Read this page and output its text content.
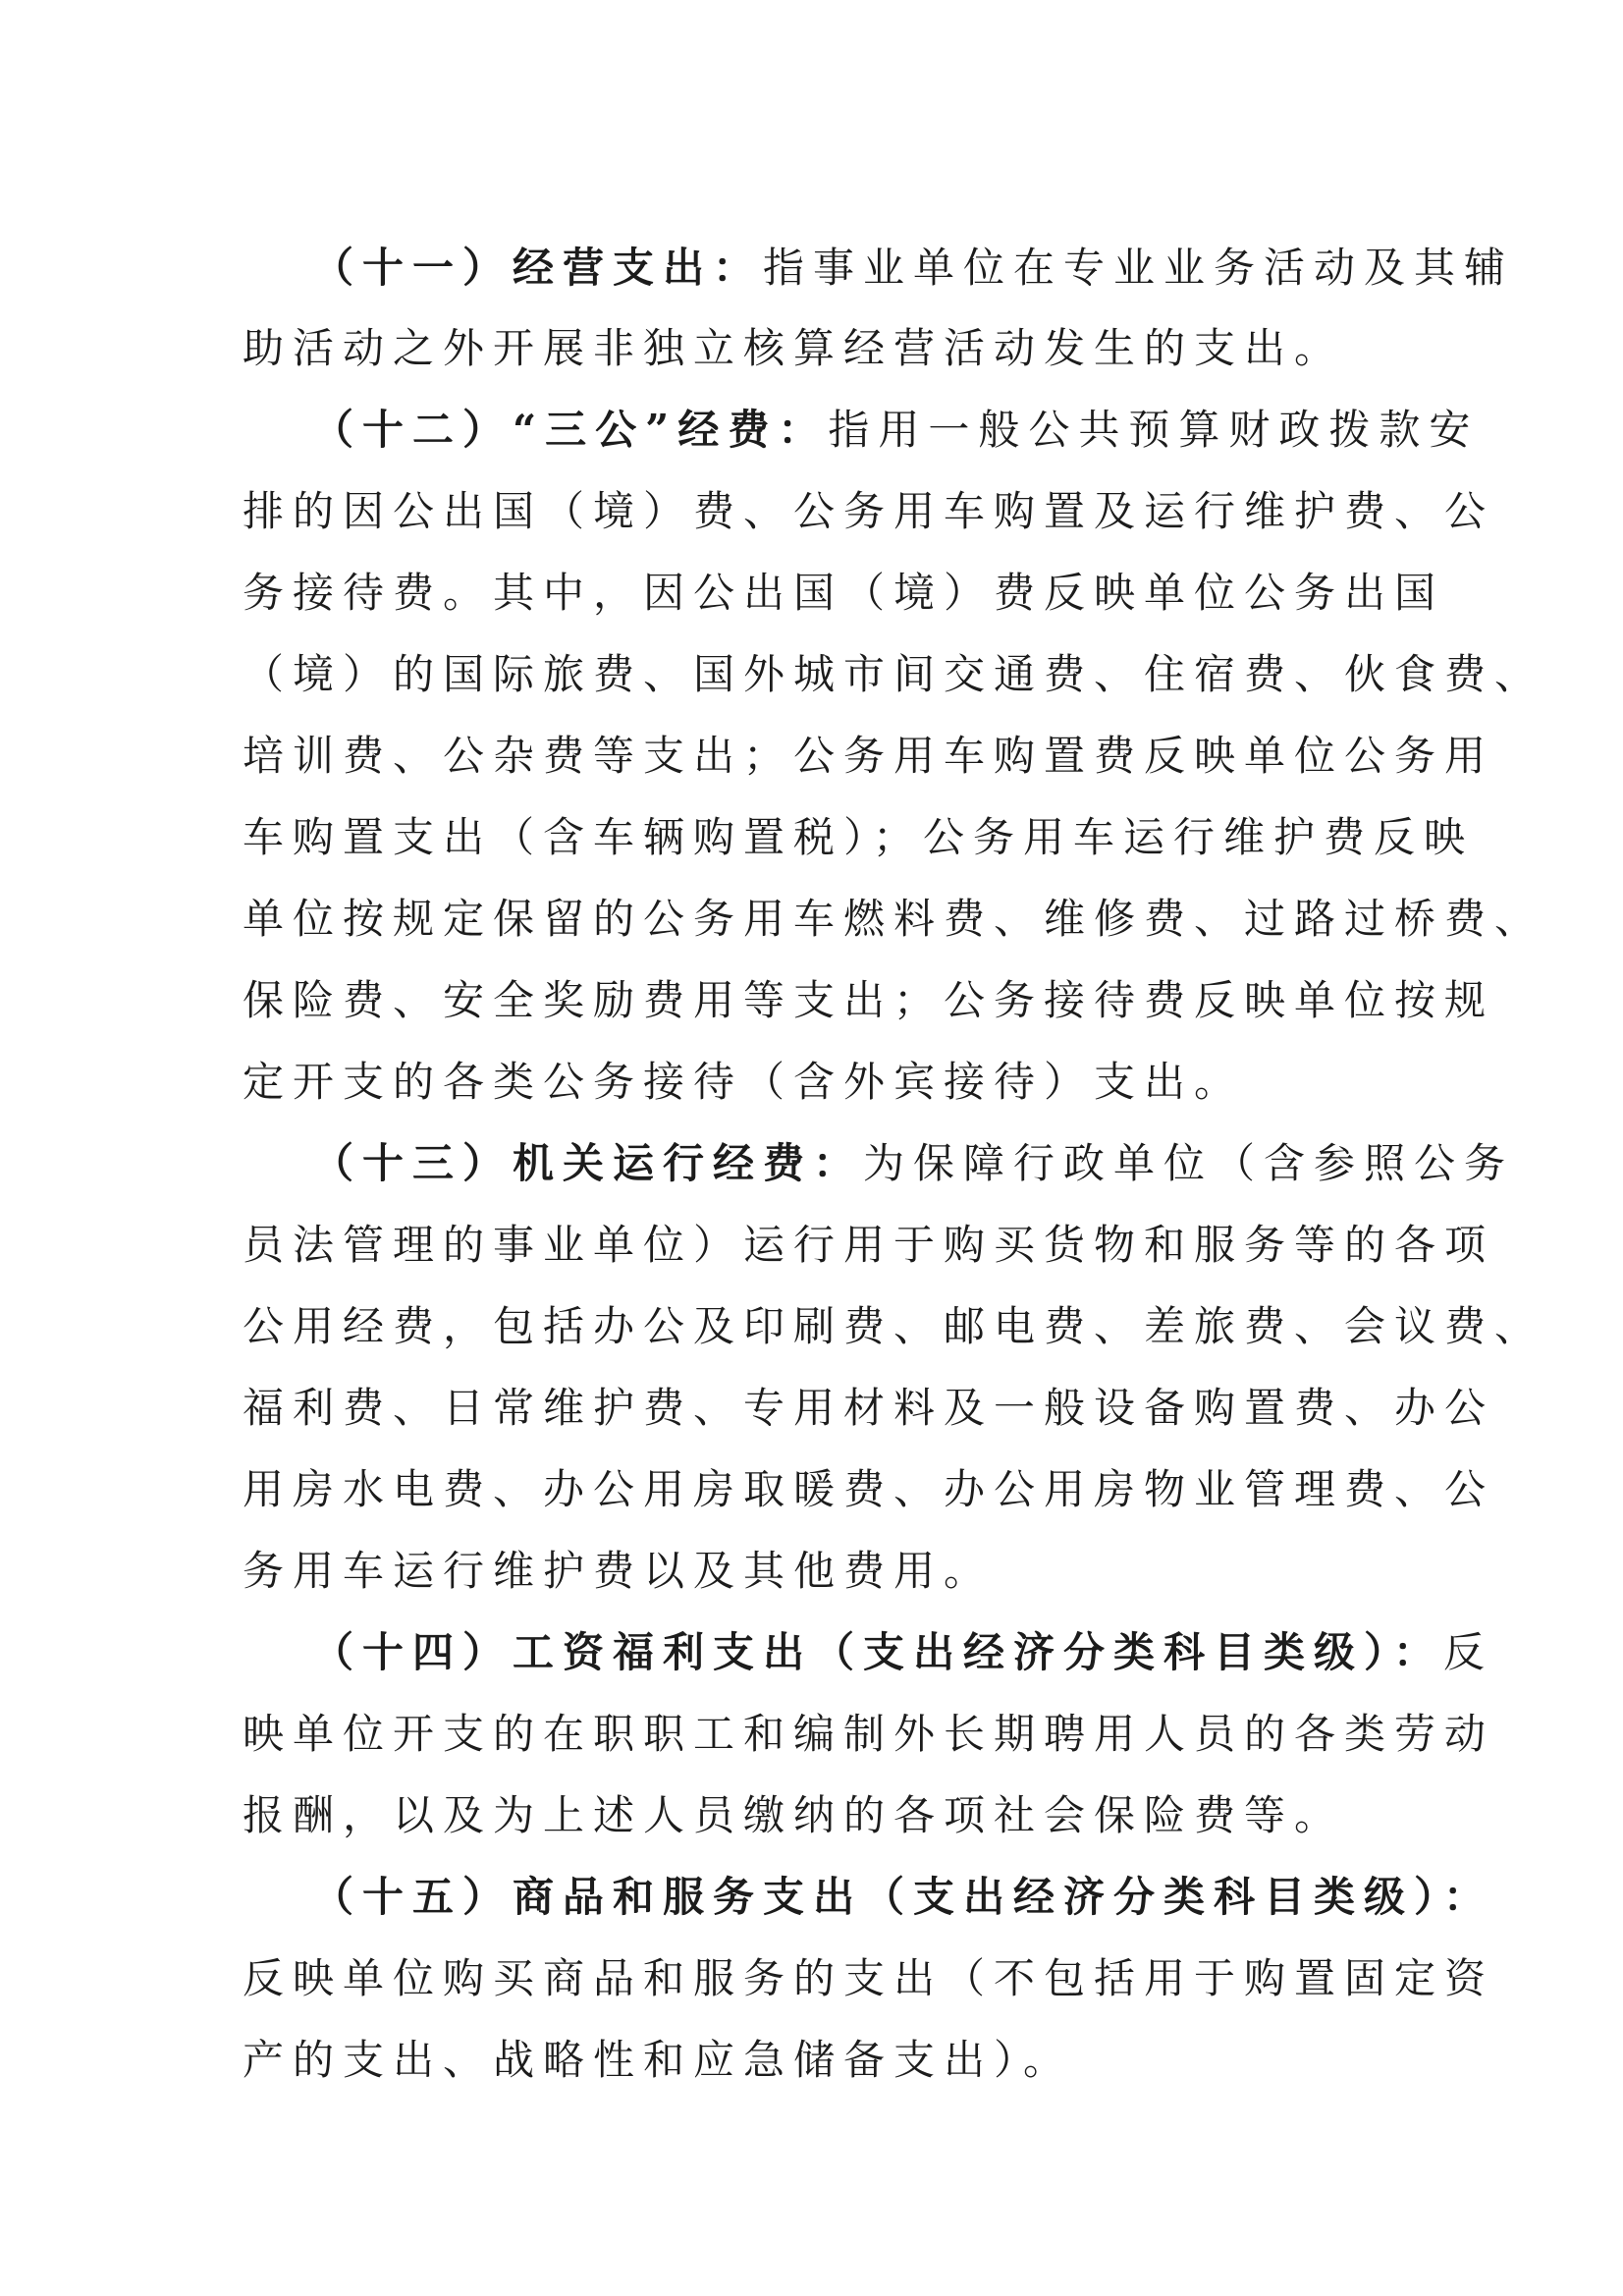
（十一）经营支出：指事业单位在专业业务活动及其辅
助活动之外开展非独立核算经营活动发生的支出。
（十二）“三公”经费：指用一般公共预算财政拨款安
排的因公出国（境）费、公务用车购置及运行维护费、公
务接待费。其中，因公出国（境）费反映单位公务出国
（境）的国际旅费、国外城市间交通费、住宿费、伙食费、
培训费、公杂费等支出；公务用车购置费反映单位公务用
车购置支出（含车辆购置税）；公务用车运行维护费反映
单位按规定保留的公务用车燃料费、维修费、过路过桥费、
保险费、安全奖励费用等支出；公务接待费反映单位按规
定开支的各类公务接待（含外宾接待）支出。
（十三）机关运行经费：为保障行政单位（含参照公务
员法管理的事业单位）运行用于购买货物和服务等的各项
公用经费，包括办公及印刷费、邮电费、差旅费、会议费、
福利费、日常维护费、专用材料及一般设备购置费、办公
用房水电费、办公用房取暖费、办公用房物业管理费、公
务用车运行维护费以及其他费用。
（十四）工资福利支出（支出经济分类科目类级）：反
映单位开支的在职职工和编制外长期聘用人员的各类劳动
报酬，以及为上述人员缴纳的各项社会保险费等。
（十五）商品和服务支出（支出经济分类科目类级）：
反映单位购买商品和服务的支出（不包括用于购置固定资
产的支出、战略性和应急储备支出）。
